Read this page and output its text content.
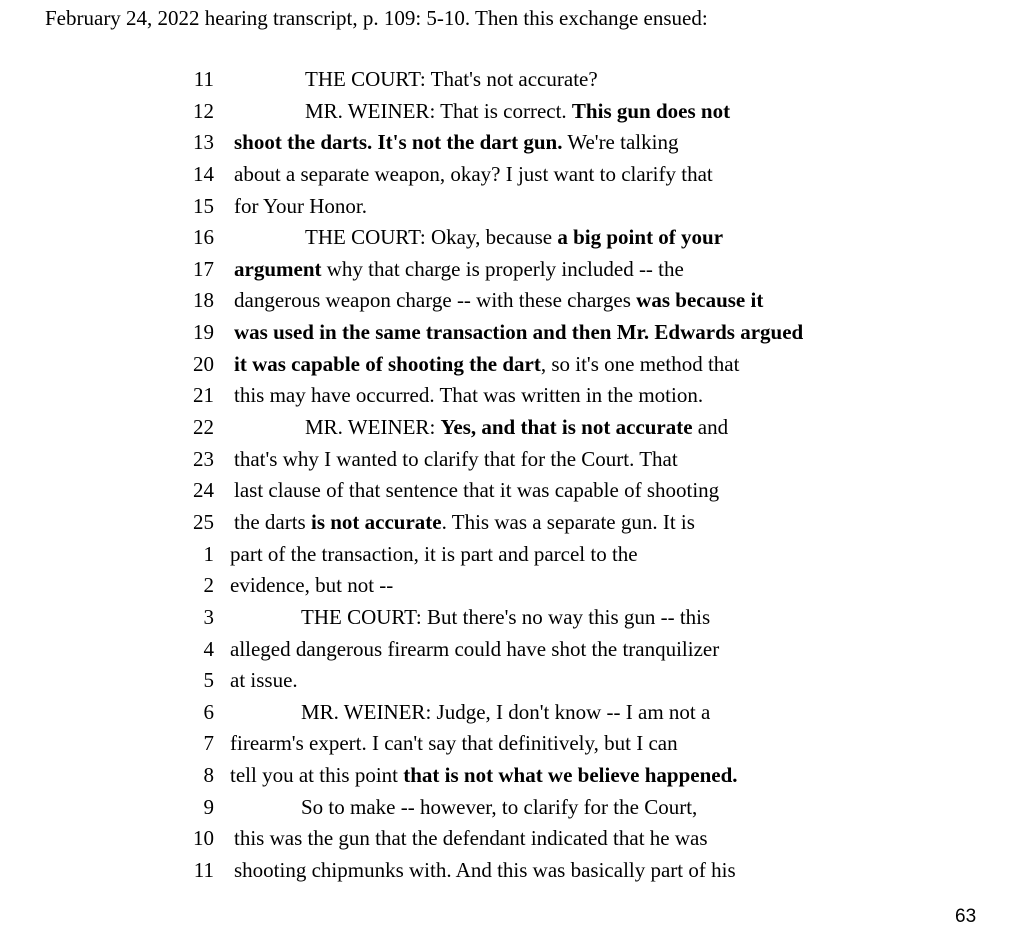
February 24, 2022 hearing transcript, p. 109: 5-10. Then this exchange ensued:
11	THE COURT: That's not accurate?
12	MR. WEINER: That is correct. This gun does not
13 shoot the darts. It's not the dart gun. We're talking
14 about a separate weapon, okay? I just want to clarify that
15 for Your Honor.
16	THE COURT: Okay, because a big point of your
17 argument why that charge is properly included -- the
18 dangerous weapon charge -- with these charges was because it
19 was used in the same transaction and then Mr. Edwards argued
20 it was capable of shooting the dart, so it's one method that
21 this may have occurred. That was written in the motion.
22	MR. WEINER: Yes, and that is not accurate and
23 that's why I wanted to clarify that for the Court. That
24 last clause of that sentence that it was capable of shooting
25 the darts is not accurate. This was a separate gun. It is
1 part of the transaction, it is part and parcel to the
2 evidence, but not --
3	THE COURT: But there's no way this gun -- this
4 alleged dangerous firearm could have shot the tranquilizer
5 at issue.
6	MR. WEINER: Judge, I don't know -- I am not a
7 firearm's expert. I can't say that definitively, but I can
8 tell you at this point that is not what we believe happened.
9	So to make -- however, to clarify for the Court,
10 this was the gun that the defendant indicated that he was
11 shooting chipmunks with. And this was basically part of his
63
